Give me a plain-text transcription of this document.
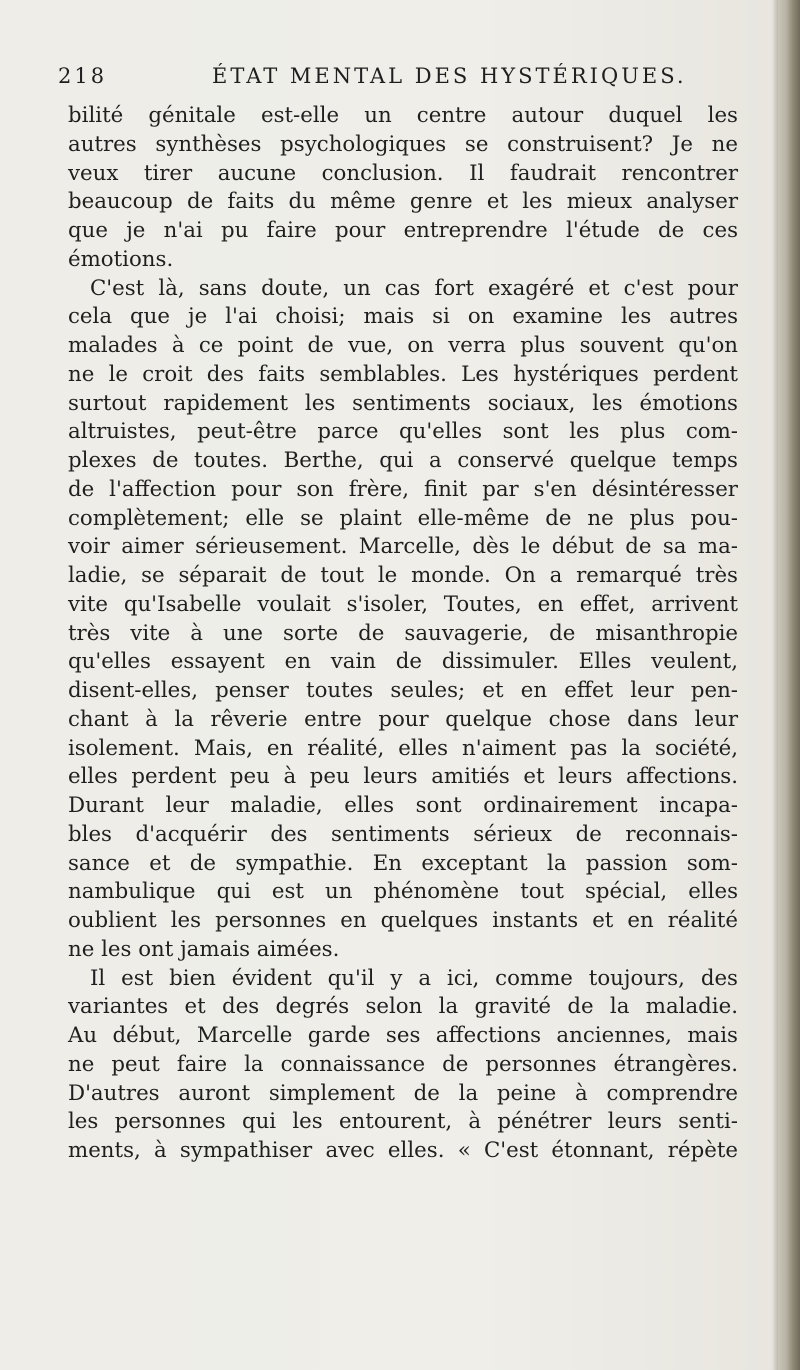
218	ÉTAT MENTAL DES HYSTÉRIQUES.
bilité génitale est-elle un centre autour duquel les
autres synthèses psychologiques se construisent? Je ne
veux tirer aucune conclusion. Il faudrait rencontrer
beaucoup de faits du même genre et les mieux analyser
que je n'ai pu faire pour entreprendre l'étude de ces
émotions.
C'est là, sans doute, un cas fort exagéré et c'est pour
cela que je l'ai choisi; mais si on examine les autres
malades à ce point de vue, on verra plus souvent qu'on
ne le croit des faits semblables. Les hystériques perdent
surtout rapidement les sentiments sociaux, les émotions
altruistes, peut-être parce qu'elles sont les plus com-
plexes de toutes. Berthe, qui a conservé quelque temps
de l'affection pour son frère, finit par s'en désintéresser
complètement; elle se plaint elle-même de ne plus pou-
voir aimer sérieusement. Marcelle, dès le début de sa ma-
ladie, se séparait de tout le monde. On a remarqué très
vite qu'Isabelle voulait s'isoler, Toutes, en effet, arrivent
très vite à une sorte de sauvagerie, de misanthropie
qu'elles essayent en vain de dissimuler. Elles veulent,
disent-elles, penser toutes seules; et en effet leur pen-
chant à la rêverie entre pour quelque chose dans leur
isolement. Mais, en réalité, elles n'aiment pas la société,
elles perdent peu à peu leurs amitiés et leurs affections.
Durant leur maladie, elles sont ordinairement incapa-
bles d'acquérir des sentiments sérieux de reconnais-
sance et de sympathie. En exceptant la passion som-
nambulique qui est un phénomène tout spécial, elles
oublient les personnes en quelques instants et en réalité
ne les ont jamais aimées.
Il est bien évident qu'il y a ici, comme toujours, des
variantes et des degrés selon la gravité de la maladie.
Au début, Marcelle garde ses affections anciennes, mais
ne peut faire la connaissance de personnes étrangères.
D'autres auront simplement de la peine à comprendre
les personnes qui les entourent, à pénétrer leurs senti-
ments, à sympathiser avec elles. « C'est étonnant, répète
